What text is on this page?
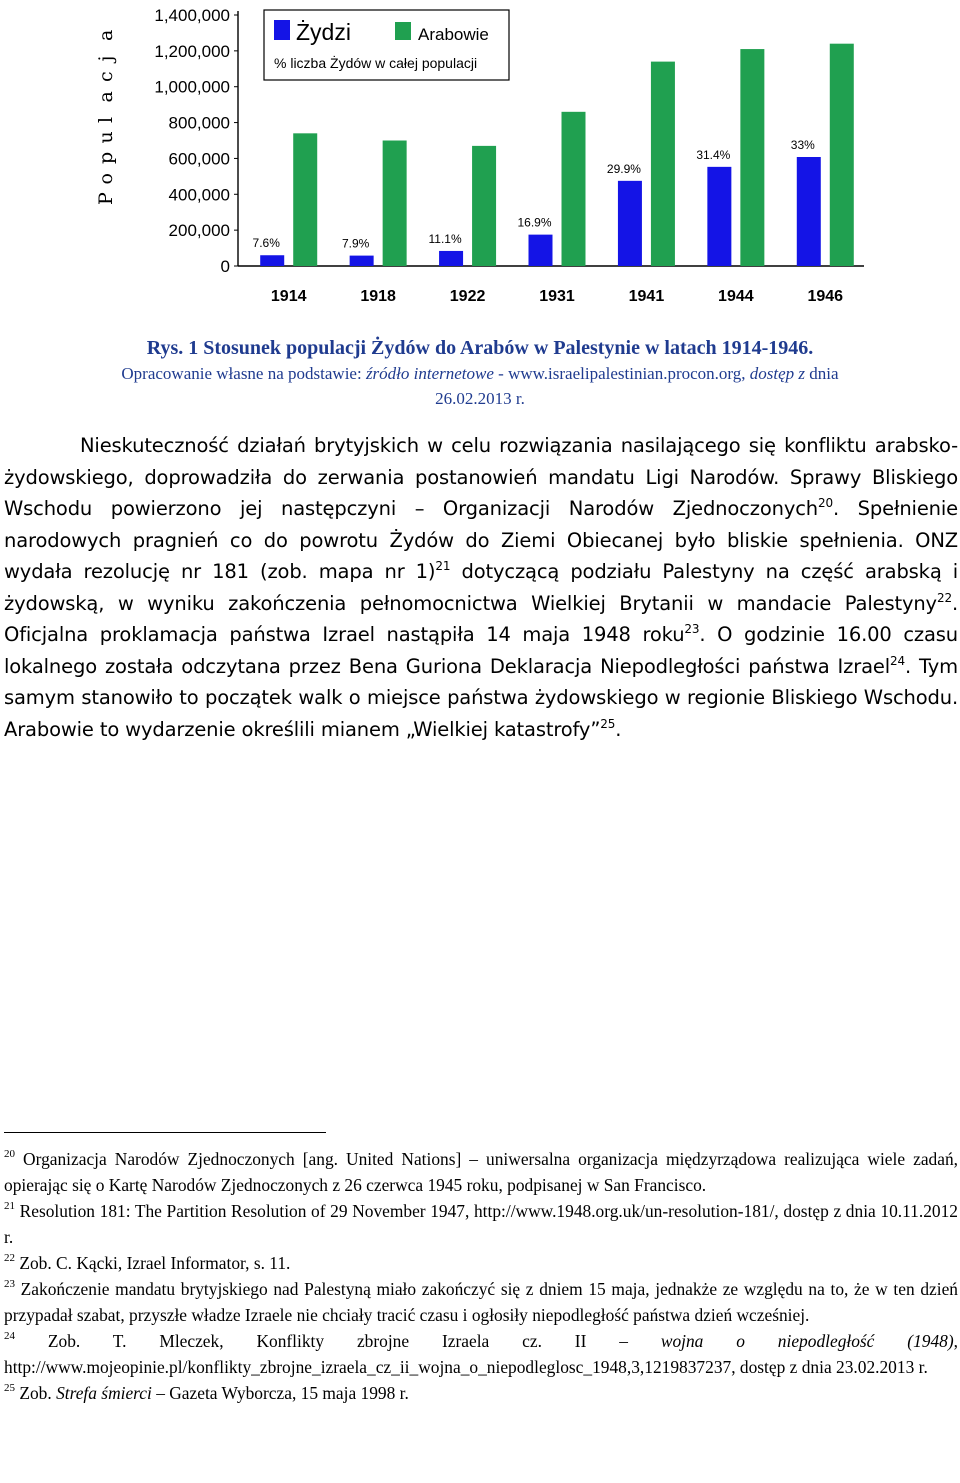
P
o
p
u
l
a
c
j
a
1,400,000
1,200,000
1,000,000
800,000
600,000
400,000
200,000
0
7.6%	7.9%	11.1%
16.9%
29.9%
31.4%
33%
1914	1918	1922	1931	1941	1944	1946
Żydzi	Arabowie
% liczba Żydów w całej populacji
Rys. 1 Stosunek populacji Żydów do Arabów w Palestynie w latach 1914-1946.
Opracowanie własne na podstawie: źródło internetowe - www.israelipalestinian.procon.org, dostęp z dnia
26.02.2013 r.

Nieskuteczność działań brytyjskich w celu rozwiązania nasilającego się konfliktu arabsko-żydowskiego, doprowadziła do zerwania postanowień mandatu Ligi Narodów. Sprawy Bliskiego Wschodu powierzono jej następczyni – Organizacji Narodów Zjednoczonych$^{20}$. Spełnienie narodowych pragnień co do powrotu Żydów do Ziemi Obiecanej było bliskie spełnienia. ONZ wydała rezolucję nr 181 (zob. mapa nr 1)$^{21}$ dotyczącą podziału Palestyny na część arabską i żydowską, w wyniku zakończenia pełnomocnictwa Wielkiej Brytanii w mandacie Palestyny$^{22}$. Oficjalna proklamacja państwa Izrael nastąpiła 14 maja 1948 roku$^{23}$. O godzinie 16.00 czasu lokalnego została odczytana przez Bena Guriona Deklaracja Niepodległości państwa Izrael$^{24}$. Tym samym stanowiło to początek walk o miejsce państwa żydowskiego w regionie Bliskiego Wschodu. Arabowie to wydarzenie określili mianem „Wielkiej katastrofy”$^{25}$.

$^{20}$ Organizacja Narodów Zjednoczonych [ang. United Nations] – uniwersalna organizacja międzyrządowa realizująca wiele zadań, opierając się o Kartę Narodów Zjednoczonych z 26 czerwca 1945 roku, podpisanej w San Francisco.

$^{21}$ Resolution 181: The Partition Resolution of 29 November 1947, http://www.1948.org.uk/un-resolution-181/, dostęp z dnia 10.11.2012 r.

$^{22}$ Zob. C. Kącki, Izrael Informator, s. 11.

$^{23}$ Zakończenie mandatu brytyjskiego nad Palestyną miało zakończyć się z dniem 15 maja, jednakże ze względu na to, że w ten dzień przypadał szabat, przyszłe władze Izraele nie chciały tracić czasu i ogłosiły niepodległość państwa dzień wcześniej.

$^{24}$ Zob. T. Mleczek, Konflikty zbrojne Izraela cz. II – wojna o niepodległość (1948), http://www.mojeopinie.pl/konflikty_zbrojne_izraela_cz_ii_wojna_o_niepodleglosc_1948,3,1219837237, dostęp z dnia 23.02.2013 r.

$^{25}$ Zob. Strefa śmierci – Gazeta Wyborcza, 15 maja 1998 r.
